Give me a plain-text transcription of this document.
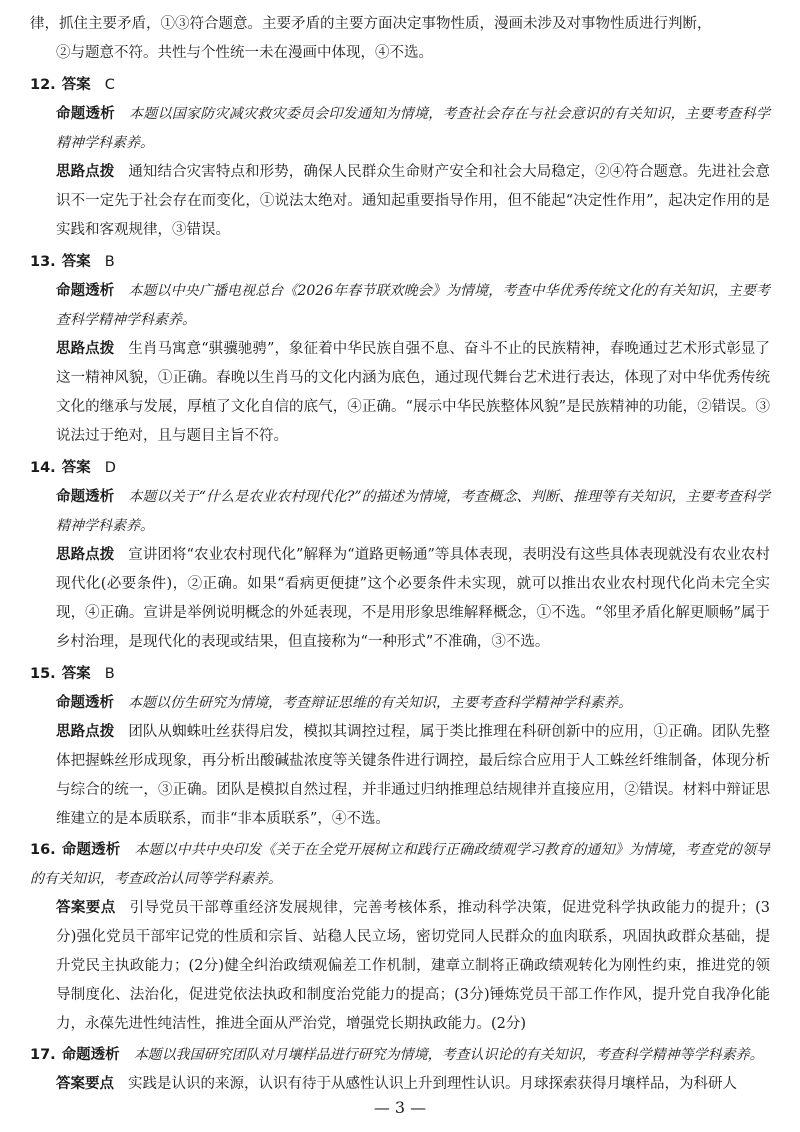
律，抓住主要矛盾，①③符合题意。主要矛盾的主要方面决定事物性质，漫画未涉及对事物性质进行判断，

②与题意不符。共性与个性统一未在漫画中体现，④不选。

12. 答案 C

命题透析 本题以国家防灾减灾救灾委员会印发通知为情境，考查社会存在与社会意识的有关知识，主要考查科学精神学科素养。

思路点拨 通知结合灾害特点和形势，确保人民群众生命财产安全和社会大局稳定，②④符合题意。先进社会意识不一定先于社会存在而变化，①说法太绝对。通知起重要指导作用，但不能起“决定性作用”，起决定作用的是实践和客观规律，③错误。

13. 答案 B

命题透析 本题以中央广播电视总台《2026年春节联欢晚会》为情境，考查中华优秀传统文化的有关知识，主要考查科学精神学科素养。

思路点拨 生肖马寓意“骐骥驰骋”，象征着中华民族自强不息、奋斗不止的民族精神，春晚通过艺术形式彰显了这一精神风貌，①正确。春晚以生肖马的文化内涵为底色，通过现代舞台艺术进行表达，体现了对中华优秀传统文化的继承与发展，厚植了文化自信的底气，④正确。“展示中华民族整体风貌”是民族精神的功能，②错误。③说法过于绝对，且与题目主旨不符。

14. 答案 D

命题透析 本题以关于“什么是农业农村现代化?”的描述为情境，考查概念、判断、推理等有关知识，主要考查科学精神学科素养。

思路点拨 宣讲团将“农业农村现代化”解释为“道路更畅通”等具体表现，表明没有这些具体表现就没有农业农村现代化(必要条件)，②正确。如果“看病更便捷”这个必要条件未实现，就可以推出农业农村现代化尚未完全实现，④正确。宣讲是举例说明概念的外延表现，不是用形象思维解释概念，①不选。“邻里矛盾化解更顺畅”属于乡村治理，是现代化的表现或结果，但直接称为“一种形式”不准确，③不选。

15. 答案 B

命题透析 本题以仿生研究为情境，考查辩证思维的有关知识，主要考查科学精神学科素养。

思路点拨 团队从蜘蛛吐丝获得启发，模拟其调控过程，属于类比推理在科研创新中的应用，①正确。团队先整体把握蛛丝形成现象，再分析出酸碱盐浓度等关键条件进行调控，最后综合应用于人工蛛丝纤维制备，体现分析与综合的统一，③正确。团队是模拟自然过程，并非通过归纳推理总结规律并直接应用，②错误。材料中辩证思维建立的是本质联系，而非“非本质联系”，④不选。

16. 命题透析 本题以中共中央印发《关于在全党开展树立和践行正确政绩观学习教育的通知》为情境，考查党的领导的有关知识，考查政治认同等学科素养。

答案要点 引导党员干部尊重经济发展规律，完善考核体系，推动科学决策，促进党科学执政能力的提升；(3分)强化党员干部牢记党的性质和宗旨、站稳人民立场，密切党同人民群众的血肉联系，巩固执政群众基础，提升党民主执政能力；(2分)健全纠治政绩观偏差工作机制，建章立制将正确政绩观转化为刚性约束，推进党的领导制度化、法治化，促进党依法执政和制度治党能力的提高；(3分)锤炼党员干部工作作风，提升党自我净化能力，永葆先进性纯洁性，推进全面从严治党，增强党长期执政能力。(2分)

17. 命题透析 本题以我国研究团队对月壤样品进行研究为情境，考查认识论的有关知识，考查科学精神等学科素养。

答案要点 实践是认识的来源，认识有待于从感性认识上升到理性认识。月球探索获得月壤样品，为科研人

— 3 —
